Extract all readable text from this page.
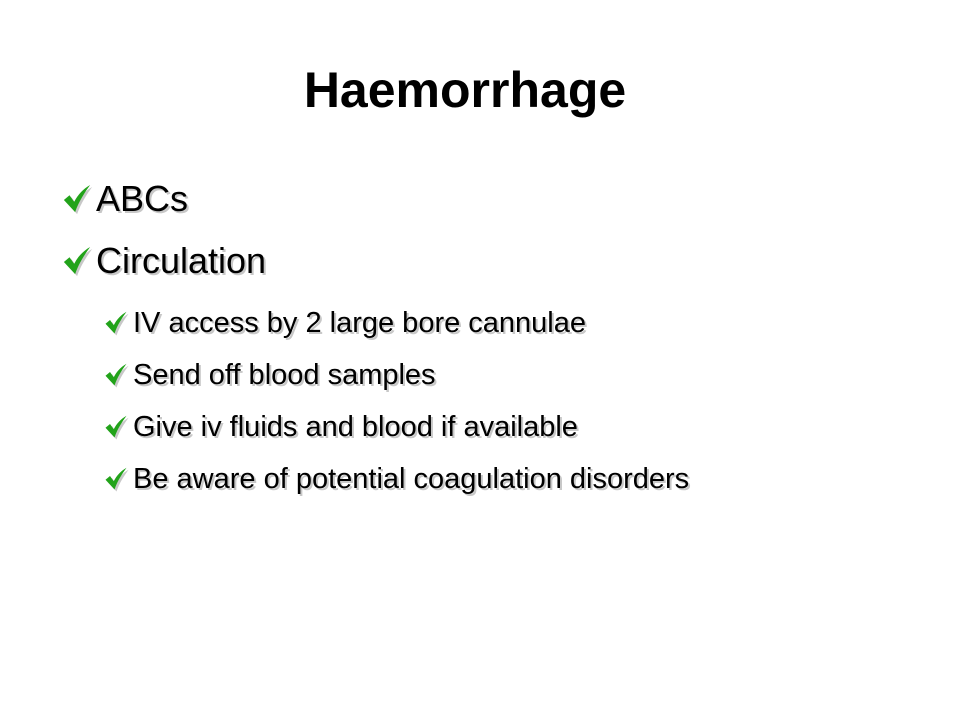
Haemorrhage
ABCs
Circulation
IV access by 2 large bore cannulae
Send off blood samples
Give iv fluids and blood if available
Be aware of potential coagulation disorders
